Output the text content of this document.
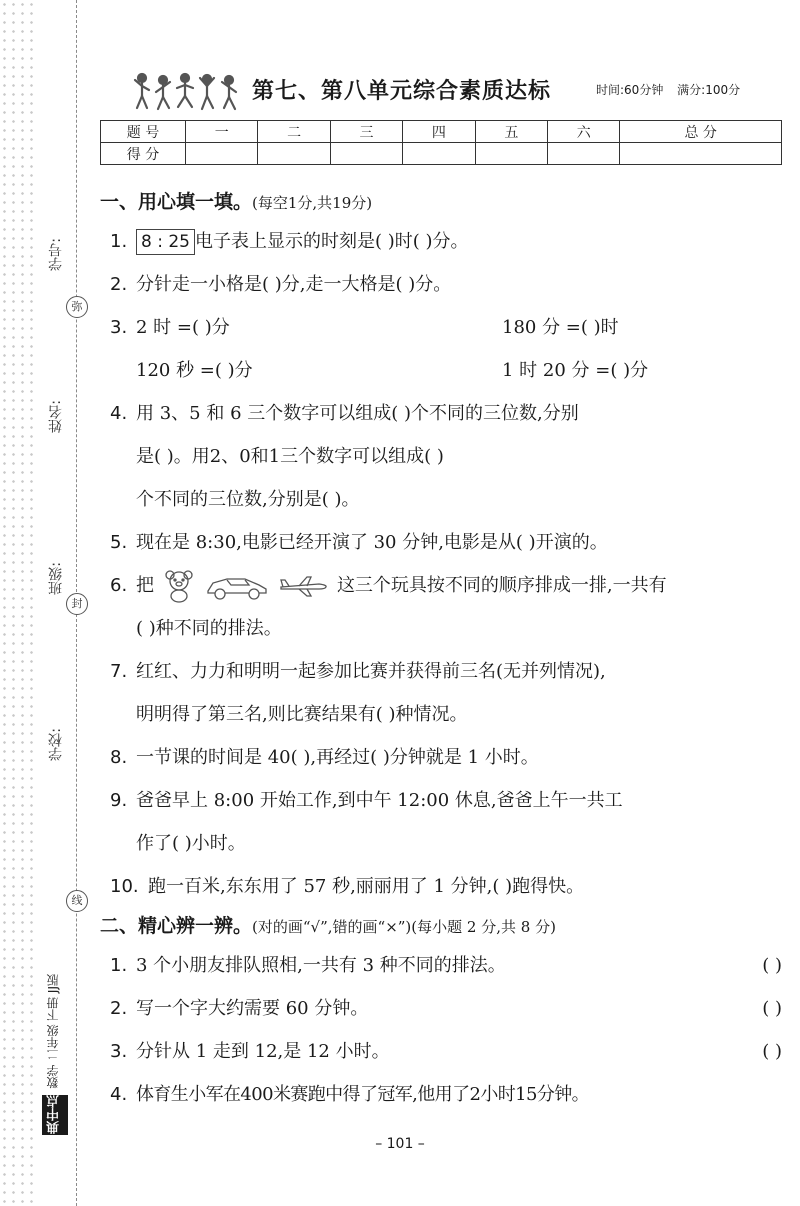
学号:
弥
姓名:
班级:
封
学校:
线
数学 二年级 下册 JJ版
典中点
第七、第八单元综合素质达标	时间:60分钟 满分:100分
题 号	一	二	三	四	五	六	总 分
得 分							
一、用心填一填。(每空1分,共19分)
1. 8 : 25 电子表上显示的时刻是( )时( )分。
2. 分针走一小格是( )分,走一大格是( )分。
3. 2 时 =( )分	180 分 =( )时
120 秒 =( )分	1 时 20 分 =( )分
4. 用 3、5 和 6 三个数字可以组成( )个不同的三位数,分别
是( )。用2、0和1三个数字可以组成( )
个不同的三位数,分别是( )。
5. 现在是 8:30,电影已经开演了 30 分钟,电影是从( )开演的。
6. 把	这三个玩具按不同的顺序排成一排,一共有
( )种不同的排法。
7. 红红、力力和明明一起参加比赛并获得前三名(无并列情况),
明明得了第三名,则比赛结果有( )种情况。
8. 一节课的时间是 40( ),再经过( )分钟就是 1 小时。
9. 爸爸早上 8:00 开始工作,到中午 12:00 休息,爸爸上午一共工
作了( )小时。
10. 跑一百米,东东用了 57 秒,丽丽用了 1 分钟,( )跑得快。
二、精心辨一辨。(对的画“√”,错的画“×”)(每小题 2 分,共 8 分)
1. 3 个小朋友排队照相,一共有 3 种不同的排法。	( )
2. 写一个字大约需要 60 分钟。	( )
3. 分针从 1 走到 12,是 12 小时。	( )
4. 体育生小军在400米赛跑中得了冠军,他用了2小时15分钟。
– 101 –
